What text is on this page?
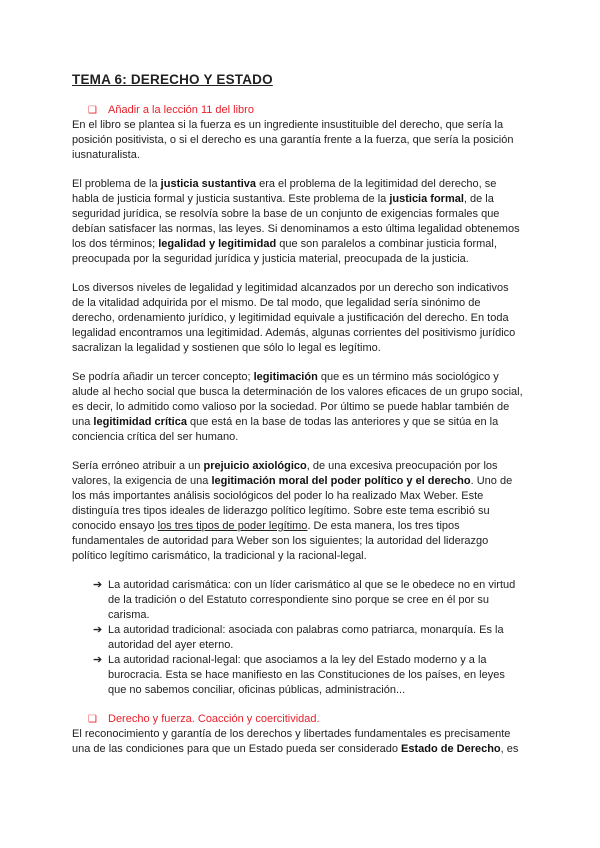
TEMA 6: DERECHO Y ESTADO
❑ Añadir a la lección 11 del libro
En el libro se plantea si la fuerza es un ingrediente insustituible del derecho, que sería la
posición positivista, o si el derecho es una garantía frente a la fuerza, que sería la posición
iusnaturalista.
El problema de la justicia sustantiva era el problema de la legitimidad del derecho, se
habla de justicia formal y justicia sustantiva. Este problema de la justicia formal, de la
seguridad jurídica, se resolvía sobre la base de un conjunto de exigencias formales que
debían satisfacer las normas, las leyes. Si denominamos a esto última legalidad obtenemos
los dos términos; legalidad y legitimidad que son paralelos a combinar justicia formal,
preocupada por la seguridad jurídica y justicia material, preocupada de la justicia.
Los diversos niveles de legalidad y legitimidad alcanzados por un derecho son indicativos
de la vitalidad adquirida por el mismo. De tal modo, que legalidad sería sinónimo de
derecho, ordenamiento jurídico, y legitimidad equivale a justificación del derecho. En toda
legalidad encontramos una legitimidad. Además, algunas corrientes del positivismo jurídico
sacralizan la legalidad y sostienen que sólo lo legal es legítimo.
Se podría añadir un tercer concepto; legitimación que es un término más sociológico y
alude al hecho social que busca la determinación de los valores eficaces de un grupo social,
es decir, lo admitido como valioso por la sociedad. Por último se puede hablar también de
una legitimidad crítica que está en la base de todas las anteriores y que se sitúa en la
conciencia crítica del ser humano.
Sería erróneo atribuir a un prejuicio axiológico, de una excesiva preocupación por los
valores, la exigencia de una legitimación moral del poder político y el derecho. Uno de
los más importantes análisis sociológicos del poder lo ha realizado Max Weber. Este
distinguía tres tipos ideales de liderazgo político legítimo. Sobre este tema escribió su
conocido ensayo los tres tipos de poder legítimo. De esta manera, los tres tipos
fundamentales de autoridad para Weber son los siguientes; la autoridad del liderazgo
político legítimo carismático, la tradicional y la racional-legal.
➔ La autoridad carismática: con un líder carismático al que se le obedece no en virtud
de la tradición o del Estatuto correspondiente sino porque se cree en él por su
carisma.
➔ La autoridad tradicional: asociada con palabras como patriarca, monarquía. Es la
autoridad del ayer eterno.
➔ La autoridad racional-legal: que asociamos a la ley del Estado moderno y a la
burocracia. Esta se hace manifiesto en las Constituciones de los países, en leyes
que no sabemos conciliar, oficinas públicas, administración...
❑ Derecho y fuerza. Coacción y coercitividad.
El reconocimiento y garantía de los derechos y libertades fundamentales es precisamente
una de las condiciones para que un Estado pueda ser considerado Estado de Derecho, es
